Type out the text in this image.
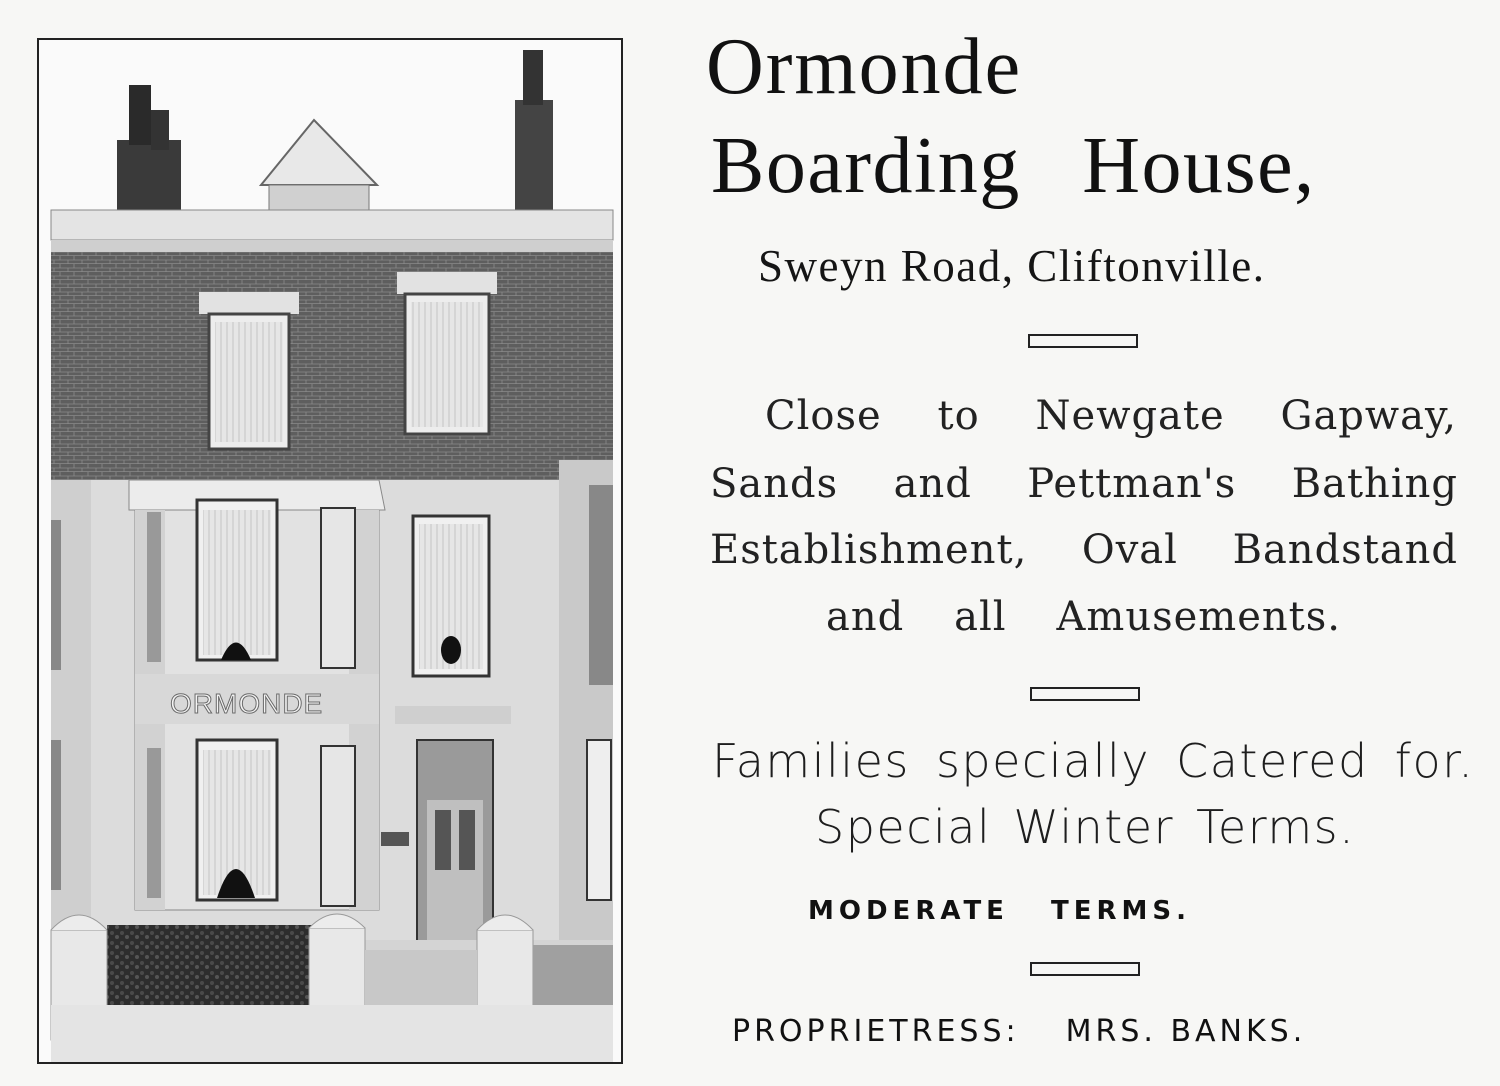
ORMONDE
Ormonde
Boarding House,
Sweyn Road, Cliftonville.
Close to Newgate Gapway,
Sands and Pettman's Bathing
Establishment, Oval Bandstand
and all Amusements.
Families specially Catered for.
Special Winter Terms.
MODERATE TERMS.
PROPRIETRESS: MRS. BANKS.
